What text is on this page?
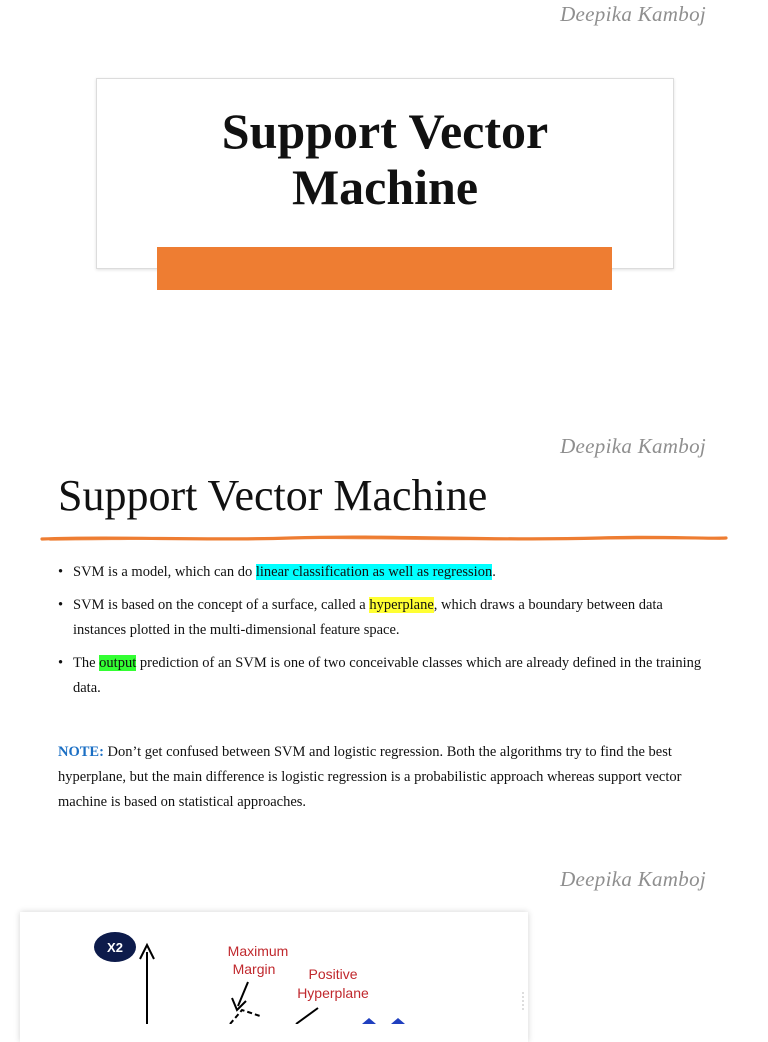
Deepika Kamboj
Support Vector
Machine
Deepika Kamboj
Support Vector Machine
• SVM is a model, which can do linear classification as well as regression.
• SVM is based on the concept of a surface, called a hyperplane, which draws a boundary between data instances plotted in the multi-dimensional feature space.
• The output prediction of an SVM is one of two conceivable classes which are already defined in the training data.

NOTE: Don’t get confused between SVM and logistic regression. Both the algorithms try to find the best hyperplane, but the main difference is logistic regression is a probabilistic approach whereas support vector machine is based on statistical approaches.

Deepika Kamboj
X2	Maximum
Margin Positive
Hyperplane
